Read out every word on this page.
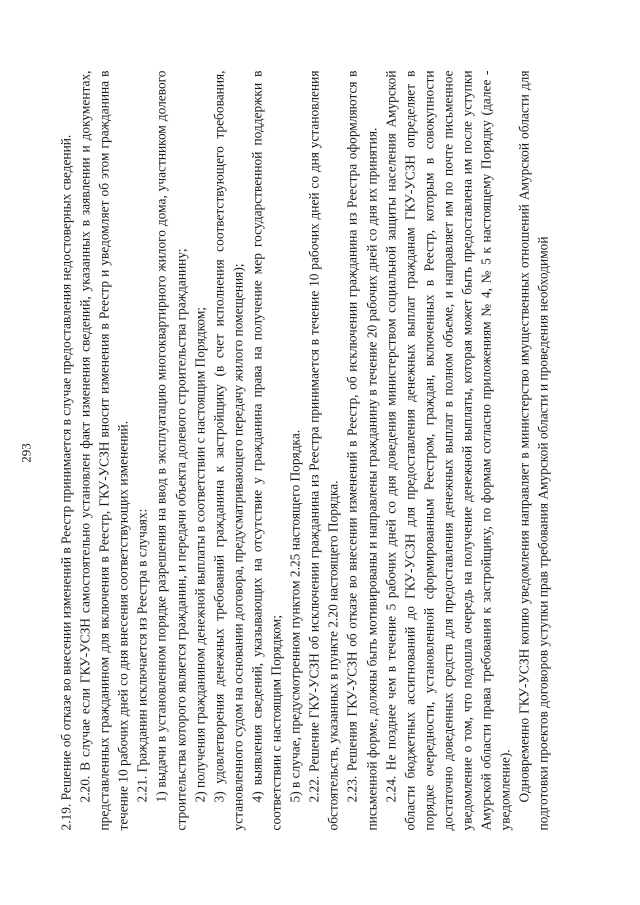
293 2.19. Решение об отказе во внесении изменений в Реестр принимается в случае предоставления недостоверных сведений. 2.20. В случае если ГКУ-УСЗН самостоятельно установлен факт изменения сведений, указанных в заявлении и документах, представленных гражданином для включения в Реестр, ГКУ-УСЗН вносит изменения в Реестр и уведомляет об этом гражданина в течение 10 рабочих дней со дня внесения соответствующих изменений. 2.21. Гражданин исключается из Реестра в случаях: 1) выдачи в установленном порядке разрешения на ввод в эксплуатацию многоквартирного жилого дома, участником долевого строительства которого является гражданин, и передачи объекта долевого строительства гражданину; 2) получения гражданином денежной выплаты в соответствии с настоящим Порядком; 3) удовлетворения денежных требований гражданина к застройщику (в счет исполнения соответствующего требования, установленного судом на основании договора, предусматривающего передачу жилого помещения); 4) выявления сведений, указывающих на отсутствие у гражданина права на получение мер государственной поддержки в соответствии с настоящим Порядком; 5) в случае, предусмотренном пунктом 2.25 настоящего Порядка. 2.22. Решение ГКУ-УСЗН об исключении гражданина из Реестра принимается в течение 10 рабочих дней со дня установления обстоятельств, указанных в пункте 2.20 настоящего Порядка. 2.23. Решения ГКУ-УСЗН об отказе во внесении изменений в Реестр, об исключении гражданина из Реестра оформляются в письменной форме, должны быть мотивированы и направлены гражданину в течение 20 рабочих дней со дня их принятия. 2.24. Не позднее чем в течение 5 рабочих дней со дня доведения министерством социальной защиты населения Амурской области бюджетных ассигнований до ГКУ-УСЗН для предоставления денежных выплат гражданам ГКУ-УСЗН определяет в порядке очередности, установленной сформированным Реестром, граждан, включенных в Реестр, которым в совокупности достаточно доведенных средств для предоставления денежных выплат в полном объеме, и направляет им по почте письменное уведомление о том, что подошла очередь на получение денежной выплаты, которая может быть предоставлена им после уступки Амурской области права требования к застройщику, по формам согласно приложениям № 4, № 5 к настоящему Порядку (далее - уведомление). Одновременно ГКУ-УСЗН копию уведомления направляет в министерство имущественных отношений Амурской области для подготовки проектов договоров уступки прав требования Амурской области и проведения необходимой
